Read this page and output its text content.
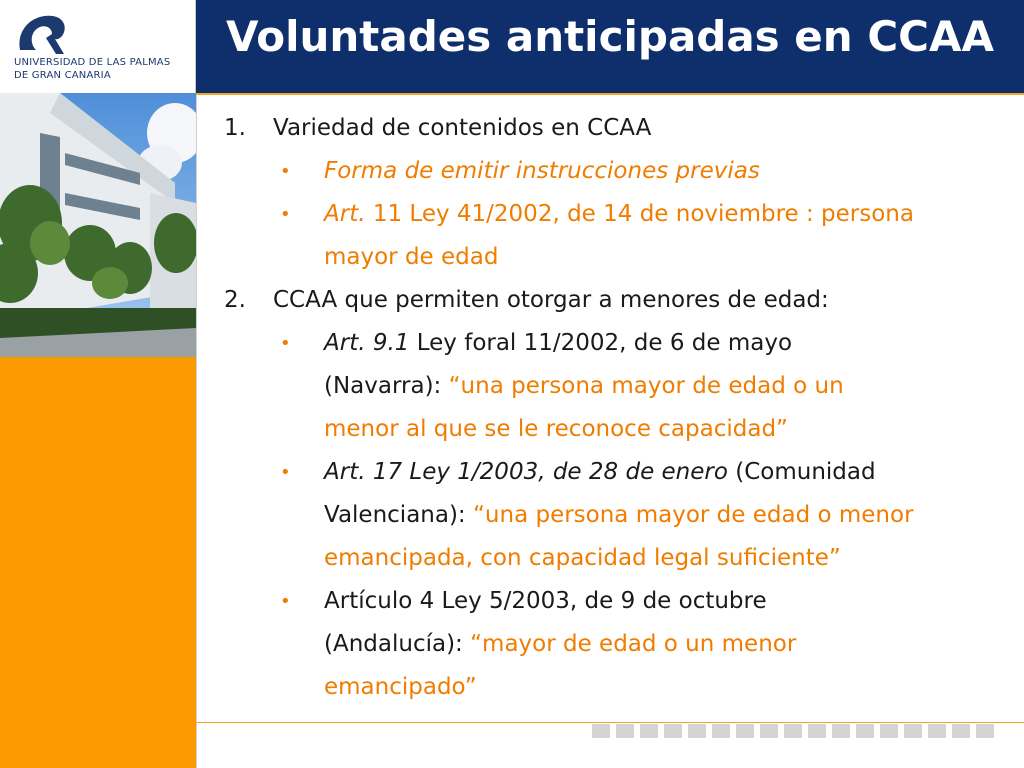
UNIVERSIDAD DE LAS PALMAS
DE GRAN CANARIA
Voluntades anticipadas en CCAA
1. Variedad de contenidos en CCAA
• Forma de emitir instrucciones previas
• Art. 11 Ley 41/2002, de 14 de noviembre : persona
mayor de edad
2. CCAA que permiten otorgar a menores de edad:
• Art. 9.1 Ley foral 11/2002, de 6 de mayo
(Navarra): “una persona mayor de edad o un
menor al que se le reconoce capacidad”
• Art. 17 Ley 1/2003, de 28 de enero (Comunidad
Valenciana): “una persona mayor de edad o menor
emancipada, con capacidad legal suficiente”
• Artículo 4 Ley 5/2003, de 9 de octubre
(Andalucía): “mayor de edad o un menor
emancipado”
